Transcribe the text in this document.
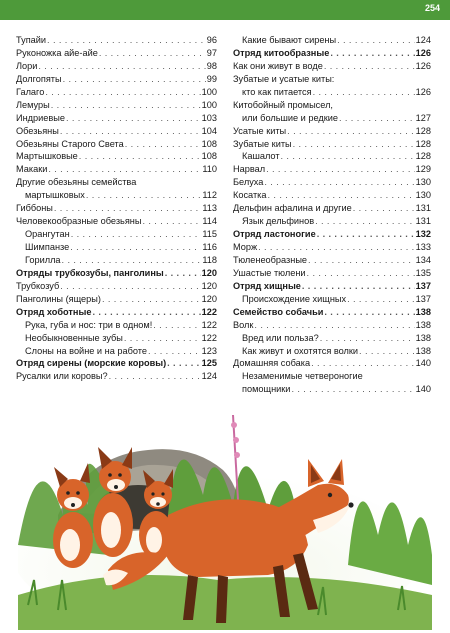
254
Тупайи . . .	96
Руконожка айе-айе . . .	97
Лори . . .	98
Долгопяты . . .	99
Галаго . . .	100
Лемуры . . .	100
Индриевые . . .	103
Обезьяны . . .	104
Обезьяны Старого Света . . .	108
Мартышковые . . .	108
Макаки . . .	110
Другие обезьяны семейства
мартышковых . . .	112
Гиббоны . . .	113
Человекообразные обезьяны . . .	114
Орангутан . . .	115
Шимпанзе . . .	116
Горилла . . .	118
Отряды трубкозубы, панголины . . .	120
Трубкозуб . . .	120
Панголины (ящеры) . . .	120
Отряд хоботные . . .	122
Рука, губа и нос: три в одном! . . .	122
Необыкновенные зубы . . .	122
Слоны на войне и на работе . . .	123
Отряд сирены (морские коровы) . . .	125
Русалки или коровы? . . .	124
Какие бывают сирены . . .	124
Отряд китообразные . . .	126
Как они живут в воде . . .	126
Зубатые и усатые киты:
кто как питается . . .	126
Китобойный промысел,
или большие и редкие . . .	127
Усатые киты . . .	128
Зубатые киты . . .	128
Кашалот . . .	128
Нарвал . . .	129
Белуха . . .	130
Косатка . . .	130
Дельфин афалина и другие . . .	131
Язык дельфинов . . .	131
Отряд ластоногие . . .	132
Морж . . .	133
Тюленеобразные . . .	134
Ушастые тюлени . . .	135
Отряд хищные . . .	137
Происхождение хищных . . .	137
Семейство собачьи . . .	138
Волк . . .	138
Вред или польза? . . .	138
Как живут и охотятся волки . . .	138
Домашняя собака . . .	140
Незаменимые четвероногие
помощники . . .	140
